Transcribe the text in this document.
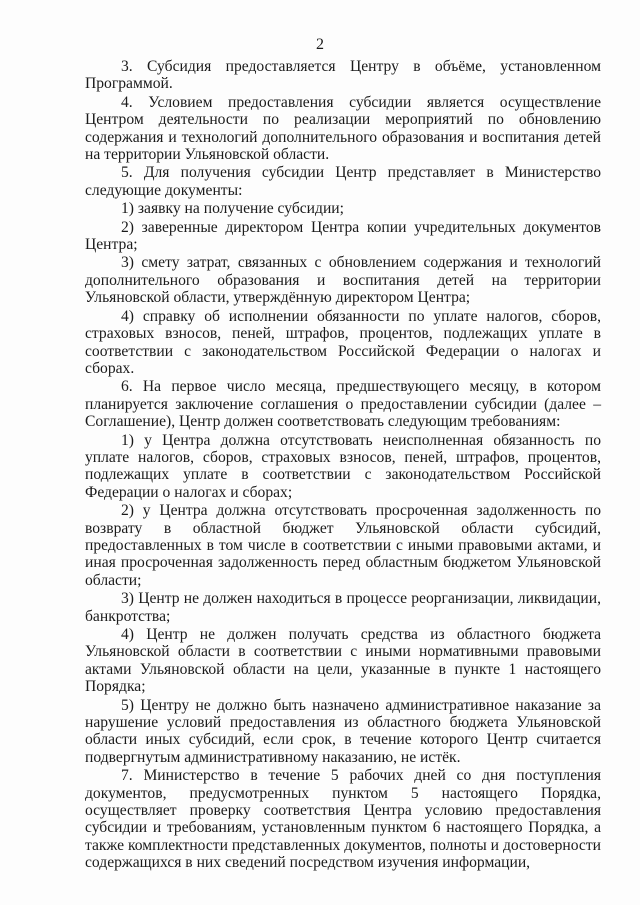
2

3. Субсидия предоставляется Центру в объёме, установленном Программой.

4. Условием предоставления субсидии является осуществление Центром деятельности по реализации мероприятий по обновлению содержания и технологий дополнительного образования и воспитания детей на территории Ульяновской области.

5. Для получения субсидии Центр представляет в Министерство следующие документы:

1) заявку на получение субсидии;

2) заверенные директором Центра копии учредительных документов Центра;

3) смету затрат, связанных с обновлением содержания и технологий дополнительного образования и воспитания детей на территории Ульяновской области, утверждённую директором Центра;

4) справку об исполнении обязанности по уплате налогов, сборов, страховых взносов, пеней, штрафов, процентов, подлежащих уплате в соответствии с законодательством Российской Федерации о налогах и сборах.

6. На первое число месяца, предшествующего месяцу, в котором планируется заключение соглашения о предоставлении субсидии (далее – Соглашение), Центр должен соответствовать следующим требованиям:

1) у Центра должна отсутствовать неисполненная обязанность по уплате налогов, сборов, страховых взносов, пеней, штрафов, процентов, подлежащих уплате в соответствии с законодательством Российской Федерации о налогах и сборах;

2) у Центра должна отсутствовать просроченная задолженность по возврату в областной бюджет Ульяновской области субсидий, предоставленных в том числе в соответствии с иными правовыми актами, и иная просроченная задолженность перед областным бюджетом Ульяновской области;

3) Центр не должен находиться в процессе реорганизации, ликвидации, банкротства;

4) Центр не должен получать средства из областного бюджета Ульяновской области в соответствии с иными нормативными правовыми актами Ульяновской области на цели, указанные в пункте 1 настоящего Порядка;

5) Центру не должно быть назначено административное наказание за нарушение условий предоставления из областного бюджета Ульяновской области иных субсидий, если срок, в течение которого Центр считается подвергнутым административному наказанию, не истёк.

7. Министерство в течение 5 рабочих дней со дня поступления документов, предусмотренных пунктом 5 настоящего Порядка, осуществляет проверку соответствия Центра условию предоставления субсидии и требованиям, установленным пунктом 6 настоящего Порядка, а также комплектности представленных документов, полноты и достоверности содержащихся в них сведений посредством изучения информации,
